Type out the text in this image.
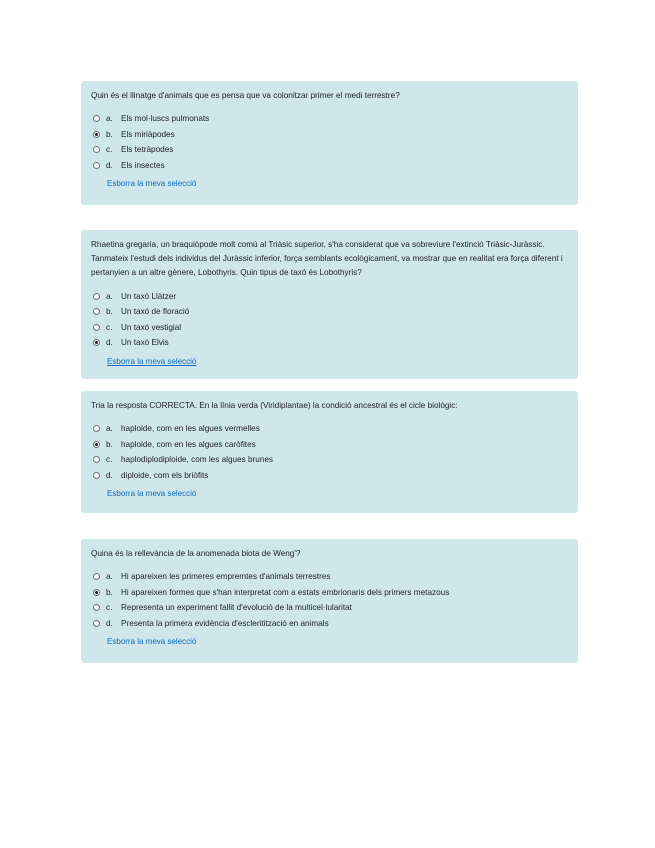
Quin és el llinatge d'animals que es pensa que va colonitzar primer el medi terrestre?

a. Els mol·luscs pulmonats
b. Els miriàpodes
c.	Els tetràpodes
d. Els insectes
Esborra la meva selecció

Rhaetina gregaria, un braquiòpode molt comú al Triàsic superior, s'ha considerat que va sobreviure l'extinció Triàsic-Juràssic. Tanmateix l'estudi dels individus del Juràssic inferior, força semblants ecològicament, va mostrar que en realitat era força diferent i pertanyien a un altre gènere, Lobothyris. Quin tipus de taxó és Lobothyris?

a. Un taxó Llàtzer
b. Un taxó de floració
c.	Un taxó vestigial
d. Un taxó Elvis
Esborra la meva selecció

Tria la resposta CORRECTA. En la línia verda (Viridiplantae) la condició ancestral és el cicle biològic:

a. haploide, com en les algues vermelles
b. haploide, com en les algues caròfites
c.	haplodiplodiploide, com les algues brunes
d. diploide, com els briòfits
Esborra la meva selecció

Quina és la rellevància de la anomenada biota de Weng'?

a. Hi apareixen les primeres empremtes d'animals terrestres
b. Hi apareixen formes que s'han interpretat com a estats embrionaris dels primers metazous
c.	Representa un experiment fallit d'evolució de la multicel·lularitat
d. Presenta la primera evidència d'escleritització en animals
Esborra la meva selecció
